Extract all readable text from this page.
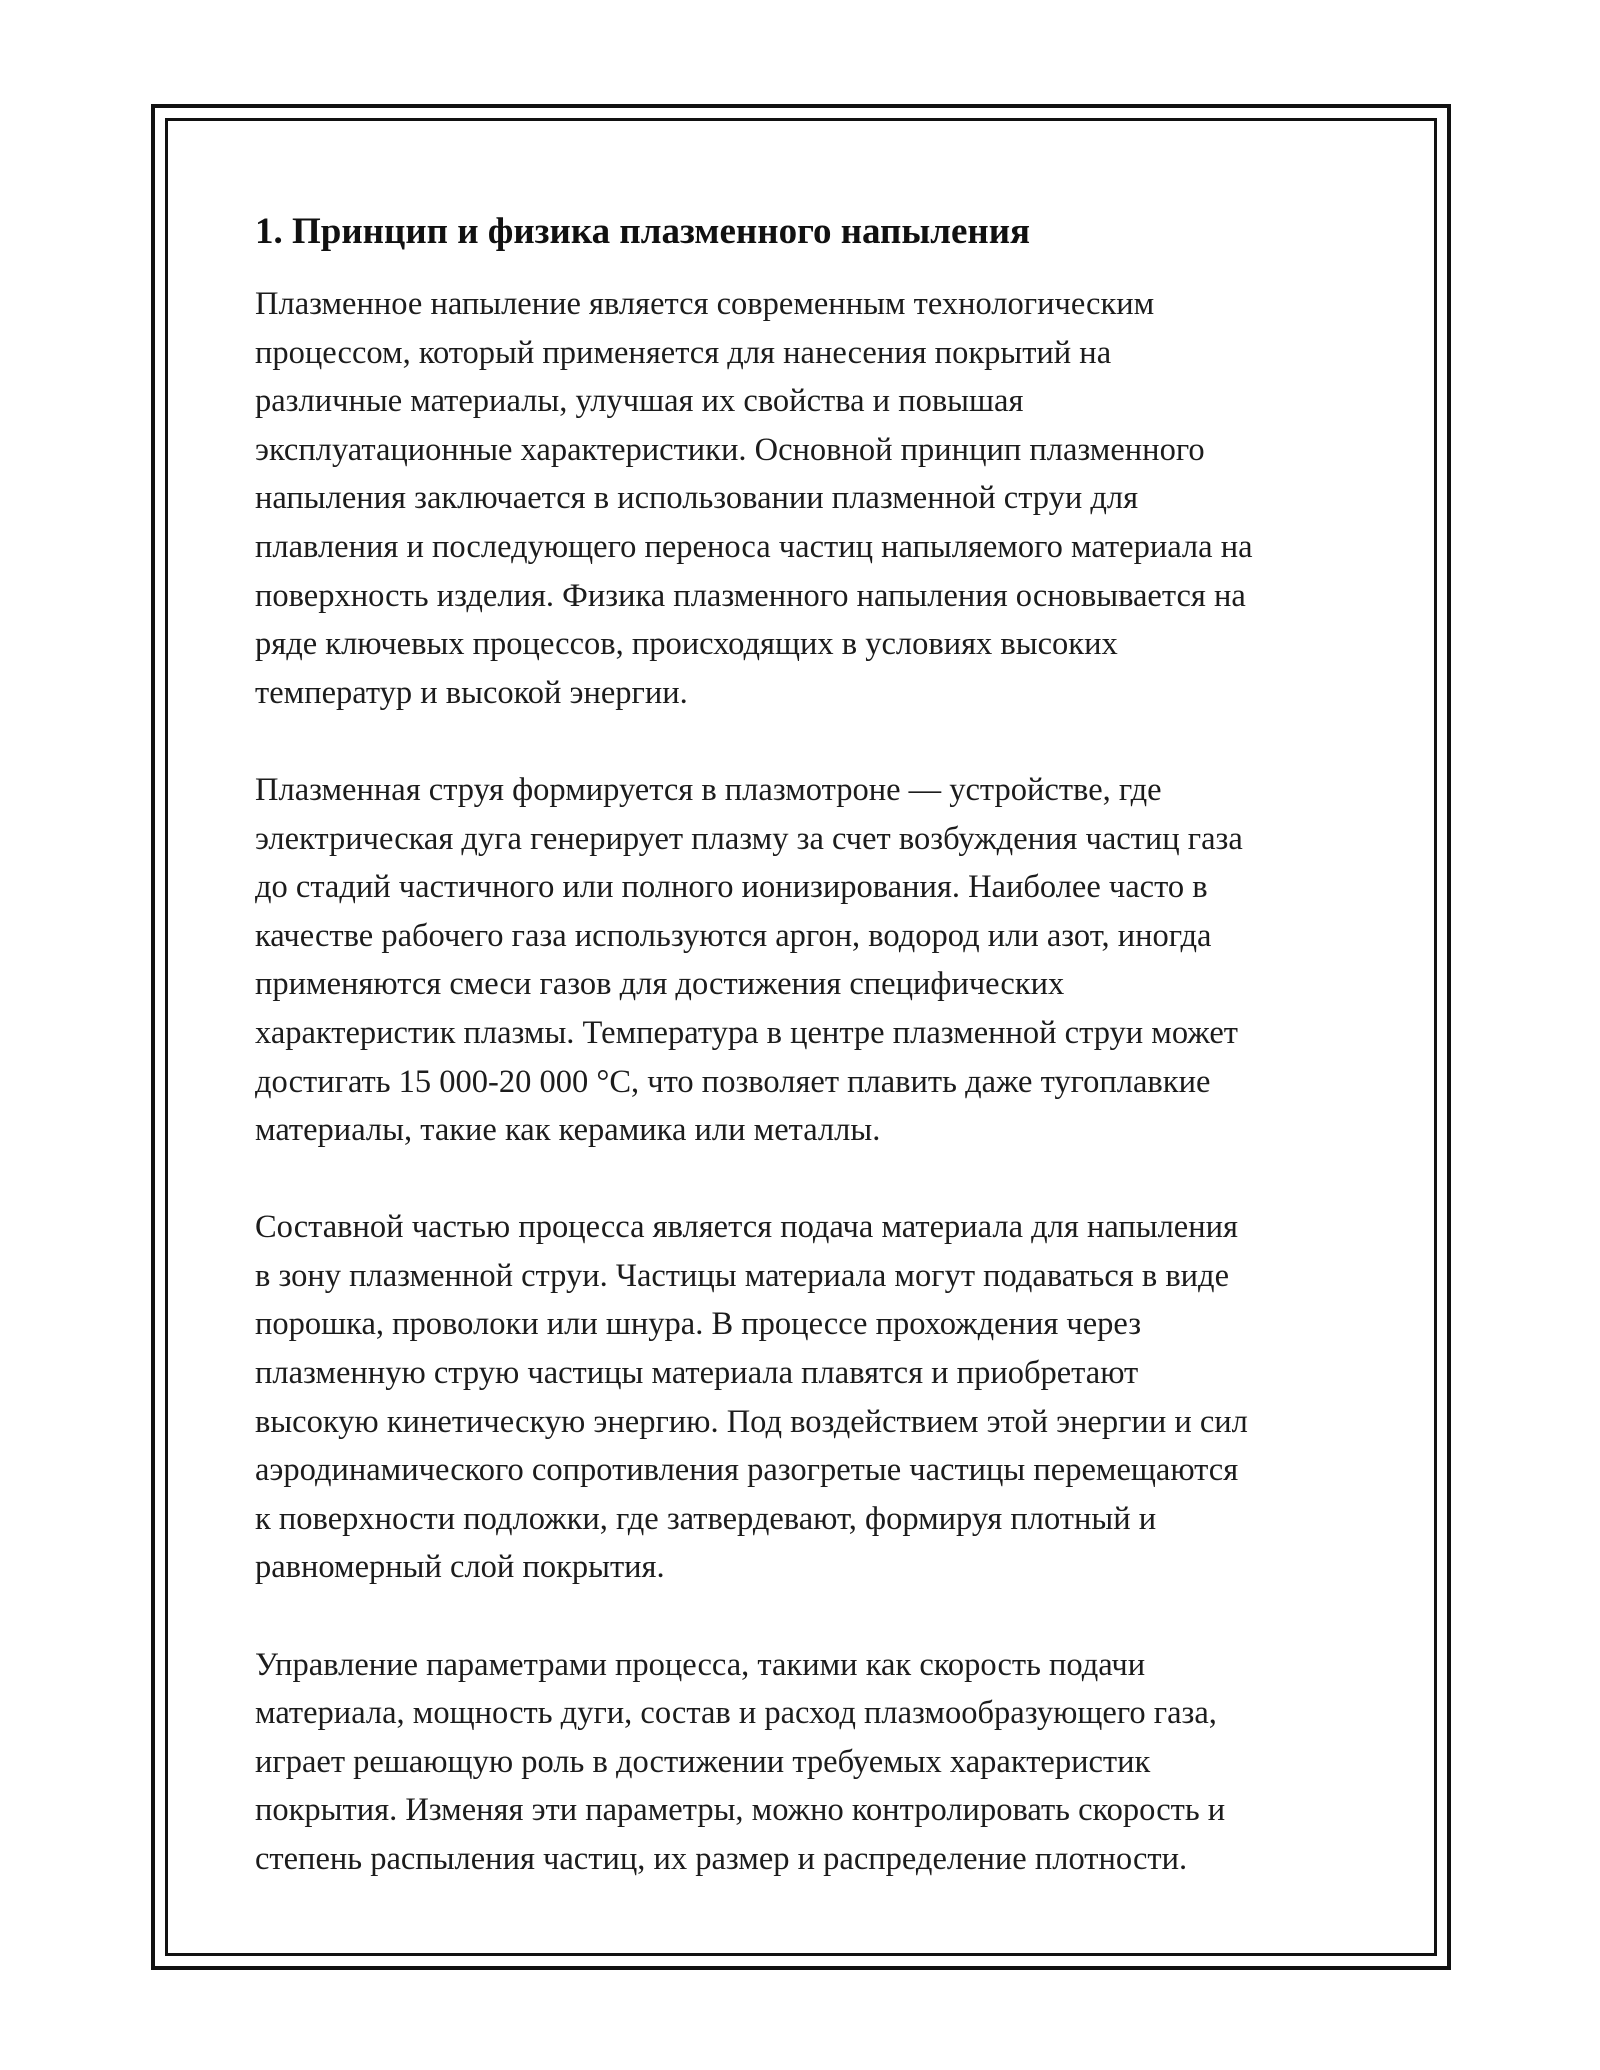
1. Принцип и физика плазменного напыления

Плазменное напыление является современным технологическим
процессом, который применяется для нанесения покрытий на
различные материалы, улучшая их свойства и повышая
эксплуатационные характеристики. Основной принцип плазменного
напыления заключается в использовании плазменной струи для
плавления и последующего переноса частиц напыляемого материала на
поверхность изделия. Физика плазменного напыления основывается на
ряде ключевых процессов, происходящих в условиях высоких
температур и высокой энергии.

Плазменная струя формируется в плазмотроне — устройстве, где
электрическая дуга генерирует плазму за счет возбуждения частиц газа
до стадий частичного или полного ионизирования. Наиболее часто в
качестве рабочего газа используются аргон, водород или азот, иногда
применяются смеси газов для достижения специфических
характеристик плазмы. Температура в центре плазменной струи может
достигать 15 000-20 000 °C, что позволяет плавить даже тугоплавкие
материалы, такие как керамика или металлы.

Составной частью процесса является подача материала для напыления
в зону плазменной струи. Частицы материала могут подаваться в виде
порошка, проволоки или шнура. В процессе прохождения через
плазменную струю частицы материала плавятся и приобретают
высокую кинетическую энергию. Под воздействием этой энергии и сил
аэродинамического сопротивления разогретые частицы перемещаются
к поверхности подложки, где затвердевают, формируя плотный и
равномерный слой покрытия.

Управление параметрами процесса, такими как скорость подачи
материала, мощность дуги, состав и расход плазмообразующего газа,
играет решающую роль в достижении требуемых характеристик
покрытия. Изменяя эти параметры, можно контролировать скорость и
степень распыления частиц, их размер и распределение плотности.
